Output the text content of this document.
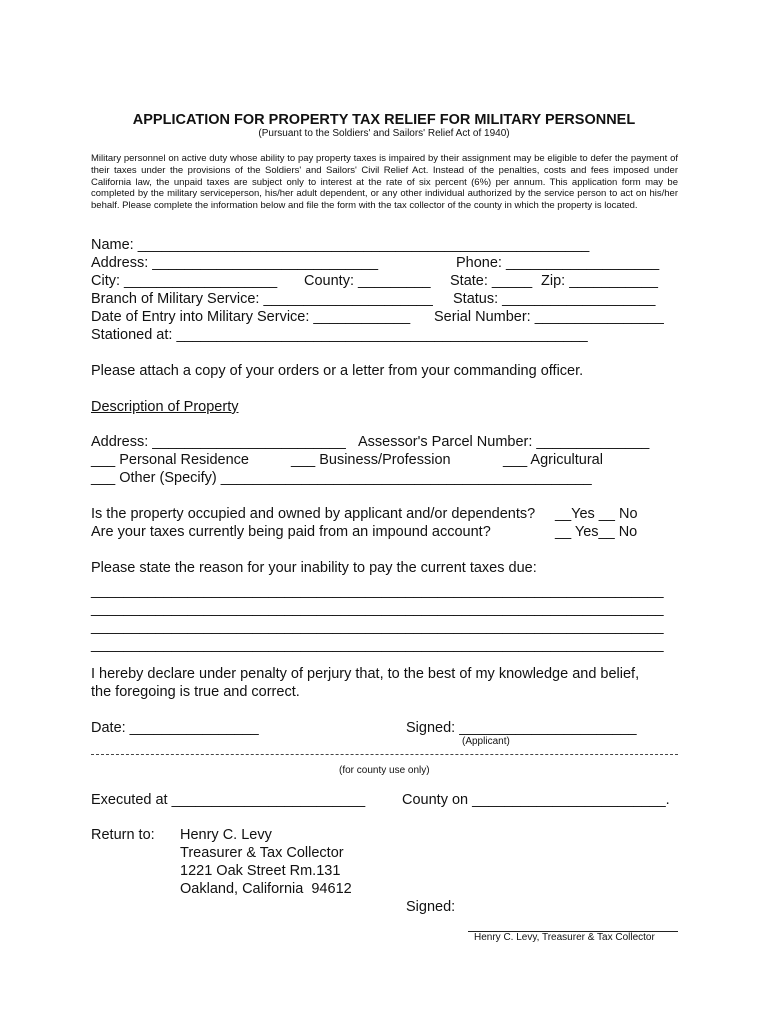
APPLICATION FOR PROPERTY TAX RELIEF FOR MILITARY PERSONNEL
(Pursuant to the Soldiers' and Sailors' Relief Act of 1940)
Military personnel on active duty whose ability to pay property taxes is impaired by their assignment may be eligible to defer the payment of their taxes under the provisions of the Soldiers' and Sailors' Civil Relief Act. Instead of the penalties, costs and fees imposed under California law, the unpaid taxes are subject only to interest at the rate of six percent (6%) per annum. This application form may be completed by the military serviceperson, his/her adult dependent, or any other individual authorized by the service person to act on his/her behalf. Please complete the information below and file the form with the tax collector of the county in which the property is located.
Name: ________________________________________________________
Address: ____________________________	Phone: ___________________
City: ___________________ County: _________ State: _____ Zip: ___________
Branch of Military Service: _____________________ Status: ___________________
Date of Entry into Military Service: ____________ Serial Number: ________________
Stationed at: ___________________________________________________
Please attach a copy of your orders or a letter from your commanding officer.
Description of Property
Address: ________________________ Assessor's Parcel Number: ______________
___ Personal Residence	___ Business/Profession	___ Agricultural
___ Other (Specify) ______________________________________________
Is the property occupied and owned by applicant and/or dependents? __Yes __ No
Are your taxes currently being paid from an impound account?	__ Yes__ No
Please state the reason for your inability to pay the current taxes due:
_______________________________________________________________________
_______________________________________________________________________
_______________________________________________________________________
_______________________________________________________________________
I hereby declare under penalty of perjury that, to the best of my knowledge and belief,
the foregoing is true and correct.
Date: ________________	Signed: ______________________
(Applicant)
(for county use only)
Executed at ________________________	County on ________________________.
Return to: Henry C. Levy
Treasurer & Tax Collector
1221 Oak Street Rm.131
Oakland, California  94612
Signed:
Henry C. Levy, Treasurer & Tax Collector
